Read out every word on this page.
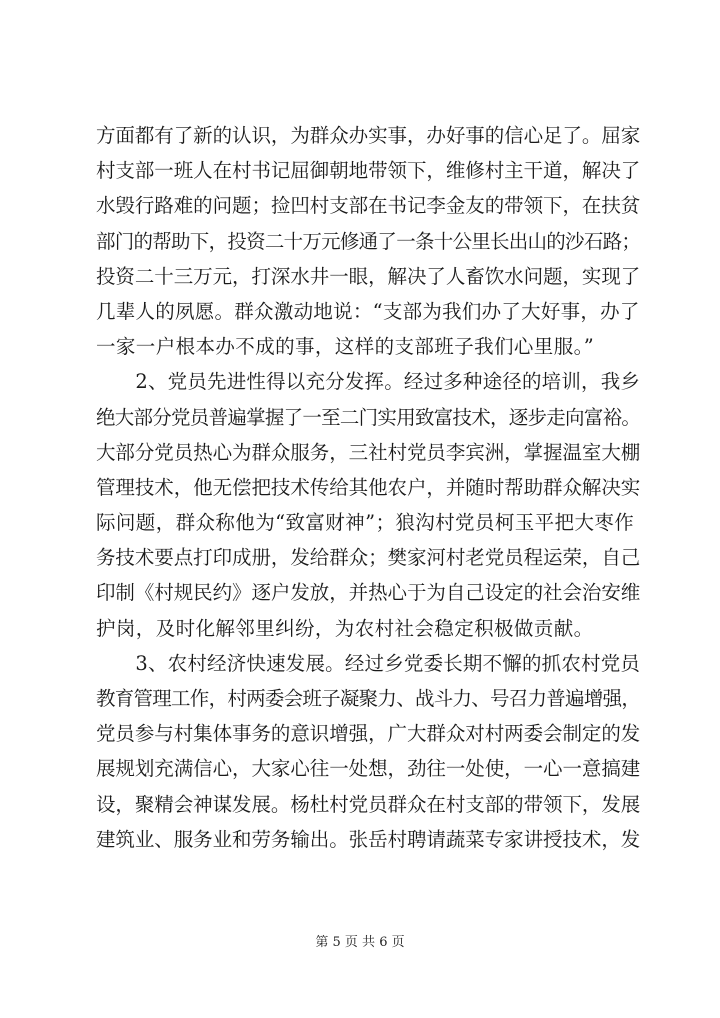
方面都有了新的认识，为群众办实事，办好事的信心足了。屈家
村支部一班人在村书记屈御朝地带领下，维修村主干道，解决了
水毁行路难的问题；捡凹村支部在书记李金友的带领下，在扶贫
部门的帮助下，投资二十万元修通了一条十公里长出山的沙石路；
投资二十三万元，打深水井一眼，解决了人畜饮水问题，实现了
几辈人的夙愿。群众激动地说：“支部为我们办了大好事，办了
一家一户根本办不成的事，这样的支部班子我们心里服。”
　　2、党员先进性得以充分发挥。经过多种途径的培训，我乡
绝大部分党员普遍掌握了一至二门实用致富技术，逐步走向富裕。
大部分党员热心为群众服务，三社村党员李宾洲，掌握温室大棚
管理技术，他无偿把技术传给其他农户，并随时帮助群众解决实
际问题，群众称他为“致富财神”；狼沟村党员柯玉平把大枣作
务技术要点打印成册，发给群众；樊家河村老党员程运荣，自己
印制《村规民约》逐户发放，并热心于为自己设定的社会治安维
护岗，及时化解邻里纠纷，为农村社会稳定积极做贡献。
　　3、农村经济快速发展。经过乡党委长期不懈的抓农村党员
教育管理工作，村两委会班子凝聚力、战斗力、号召力普遍增强，
党员参与村集体事务的意识增强，广大群众对村两委会制定的发
展规划充满信心，大家心往一处想，劲往一处使，一心一意搞建
设，聚精会神谋发展。杨杜村党员群众在村支部的带领下，发展
建筑业、服务业和劳务输出。张岳村聘请蔬菜专家讲授技术，发
第 5 页 共 6 页
